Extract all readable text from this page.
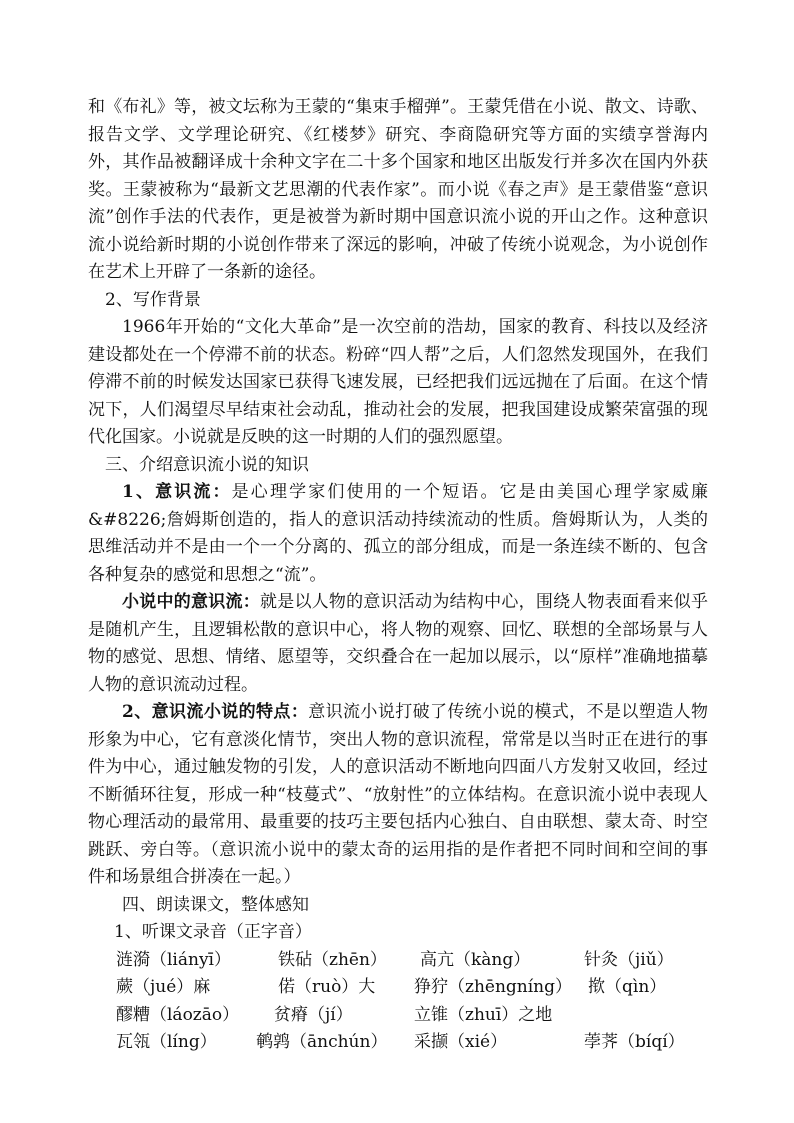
和《布礼》等，被文坛称为王蒙的“集束手榴弹”。王蒙凭借在小说、散文、诗歌、报告文学、文学理论研究、《红楼梦》研究、李商隐研究等方面的实绩享誉海内外，其作品被翻译成十余种文字在二十多个国家和地区出版发行并多次在国内外获奖。王蒙被称为“最新文艺思潮的代表作家”。而小说《春之声》是王蒙借鉴“意识流”创作手法的代表作，更是被誉为新时期中国意识流小说的开山之作。这种意识流小说给新时期的小说创作带来了深远的影响，冲破了传统小说观念，为小说创作在艺术上开辟了一条新的途径。

2、写作背景

1966年开始的“文化大革命”是一次空前的浩劫，国家的教育、科技以及经济建设都处在一个停滞不前的状态。粉碎“四人帮”之后，人们忽然发现国外，在我们停滞不前的时候发达国家已获得飞速发展，已经把我们远远抛在了后面。在这个情况下，人们渴望尽早结束社会动乱，推动社会的发展，把我国建设成繁荣富强的现代化国家。小说就是反映的这一时期的人们的强烈愿望。

三、介绍意识流小说的知识

1、意识流：是心理学家们使用的一个短语。它是由美国心理学家威廉&#8226;詹姆斯创造的，指人的意识活动持续流动的性质。詹姆斯认为，人类的思维活动并不是由一个一个分离的、孤立的部分组成，而是一条连续不断的、包含各种复杂的感觉和思想之“流”。

小说中的意识流：就是以人物的意识活动为结构中心，围绕人物表面看来似乎是随机产生，且逻辑松散的意识中心，将人物的观察、回忆、联想的全部场景与人物的感觉、思想、情绪、愿望等，交织叠合在一起加以展示，以“原样”准确地描摹人物的意识流动过程。

2、意识流小说的特点：意识流小说打破了传统小说的模式，不是以塑造人物形象为中心，它有意淡化情节，突出人物的意识流程，常常是以当时正在进行的事件为中心，通过触发物的引发，人的意识活动不断地向四面八方发射又收回，经过不断循环往复，形成一种“枝蔓式”、“放射性”的立体结构。在意识流小说中表现人物心理活动的最常用、最重要的技巧主要包括内心独白、自由联想、蒙太奇、时空跳跃、旁白等。（意识流小说中的蒙太奇的运用指的是作者把不同时间和空间的事件和场景组合拼凑在一起。）

四、朗读课文，整体感知

1、听课文录音（正字音）

涟漪（liányī）	铁砧（zhēn） 高亢（kàng）	针灸（jiǔ）
蕨（jué）麻	偌（ruò）大 狰狞（zhēngníng） 揿（qìn）
醪糟（láozāo） 贫瘠（jí）	立锥（zhuī）之地
瓦瓴（líng） 鹌鹑（ānchún） 采撷（xié）	荸荠（bíqí）
